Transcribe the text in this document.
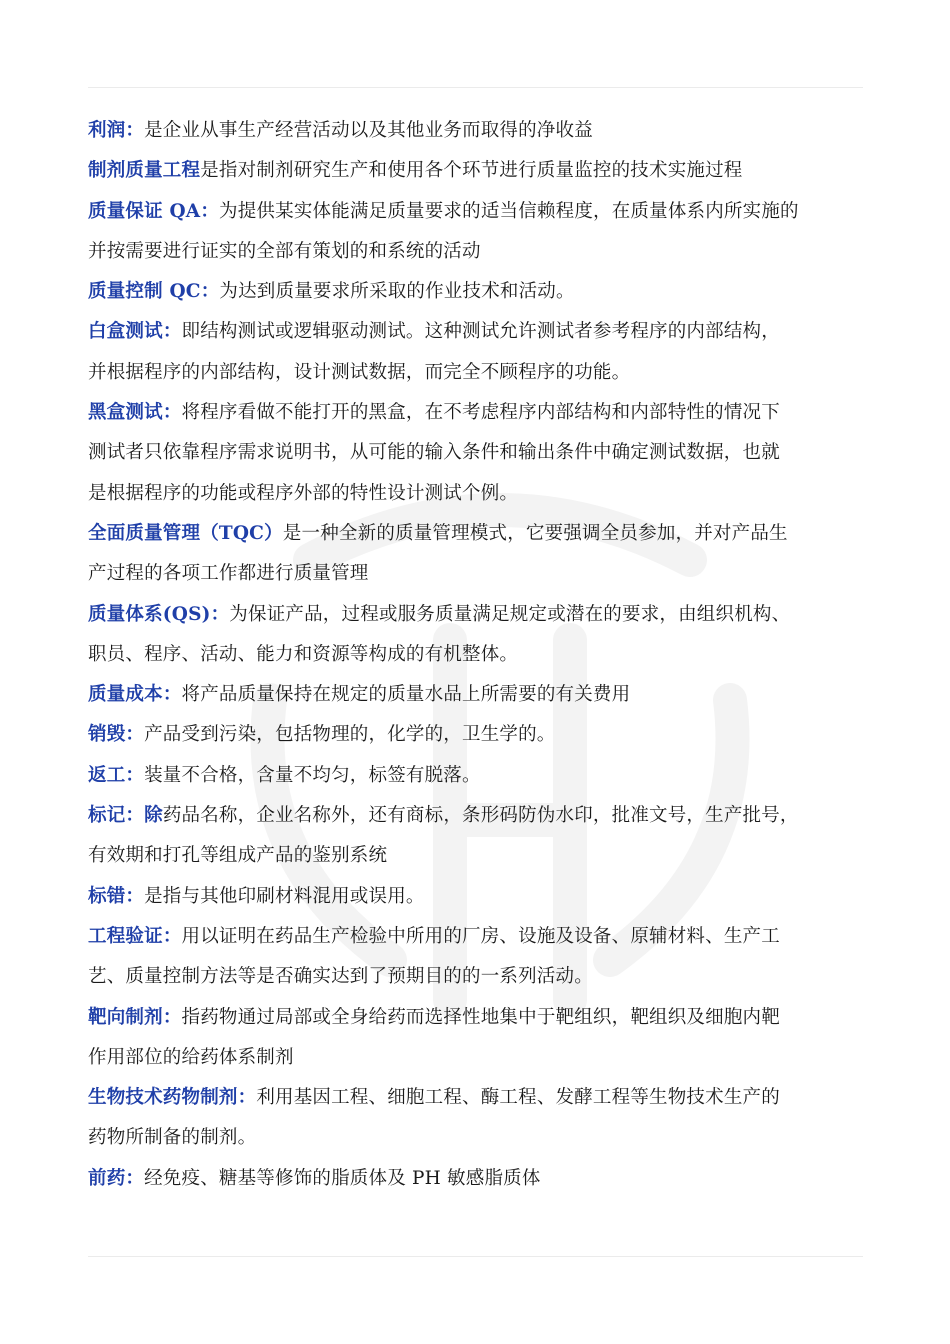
利润：是企业从事生产经营活动以及其他业务而取得的净收益

制剂质量工程是指对制剂研究生产和使用各个环节进行质量监控的技术实施过程

质量保证 QA：为提供某实体能满足质量要求的适当信赖程度，在质量体系内所实施的
并按需要进行证实的全部有策划的和系统的活动

质量控制 QC：为达到质量要求所采取的作业技术和活动。

白盒测试：即结构测试或逻辑驱动测试。这种测试允许测试者参考程序的内部结构，
并根据程序的内部结构，设计测试数据，而完全不顾程序的功能。

黑盒测试：将程序看做不能打开的黑盒，在不考虑程序内部结构和内部特性的情况下
测试者只依靠程序需求说明书，从可能的输入条件和输出条件中确定测试数据，也就
是根据程序的功能或程序外部的特性设计测试个例。

全面质量管理（TQC）是一种全新的质量管理模式，它要强调全员参加，并对产品生
产过程的各项工作都进行质量管理

质量体系(QS)：为保证产品，过程或服务质量满足规定或潜在的要求，由组织机构、
职员、程序、活动、能力和资源等构成的有机整体。

质量成本：将产品质量保持在规定的质量水品上所需要的有关费用

销毁：产品受到污染，包括物理的，化学的，卫生学的。

返工：装量不合格，含量不均匀，标签有脱落。

标记：除药品名称，企业名称外，还有商标，条形码防伪水印，批准文号，生产批号，
有效期和打孔等组成产品的鉴别系统

标错：是指与其他印刷材料混用或误用。

工程验证：用以证明在药品生产检验中所用的厂房、设施及设备、原辅材料、生产工
艺、质量控制方法等是否确实达到了预期目的的一系列活动。

靶向制剂：指药物通过局部或全身给药而选择性地集中于靶组织，靶组织及细胞内靶
作用部位的给药体系制剂

生物技术药物制剂：利用基因工程、细胞工程、酶工程、发酵工程等生物技术生产的
药物所制备的制剂。

前药：经免疫、糖基等修饰的脂质体及 PH 敏感脂质体
